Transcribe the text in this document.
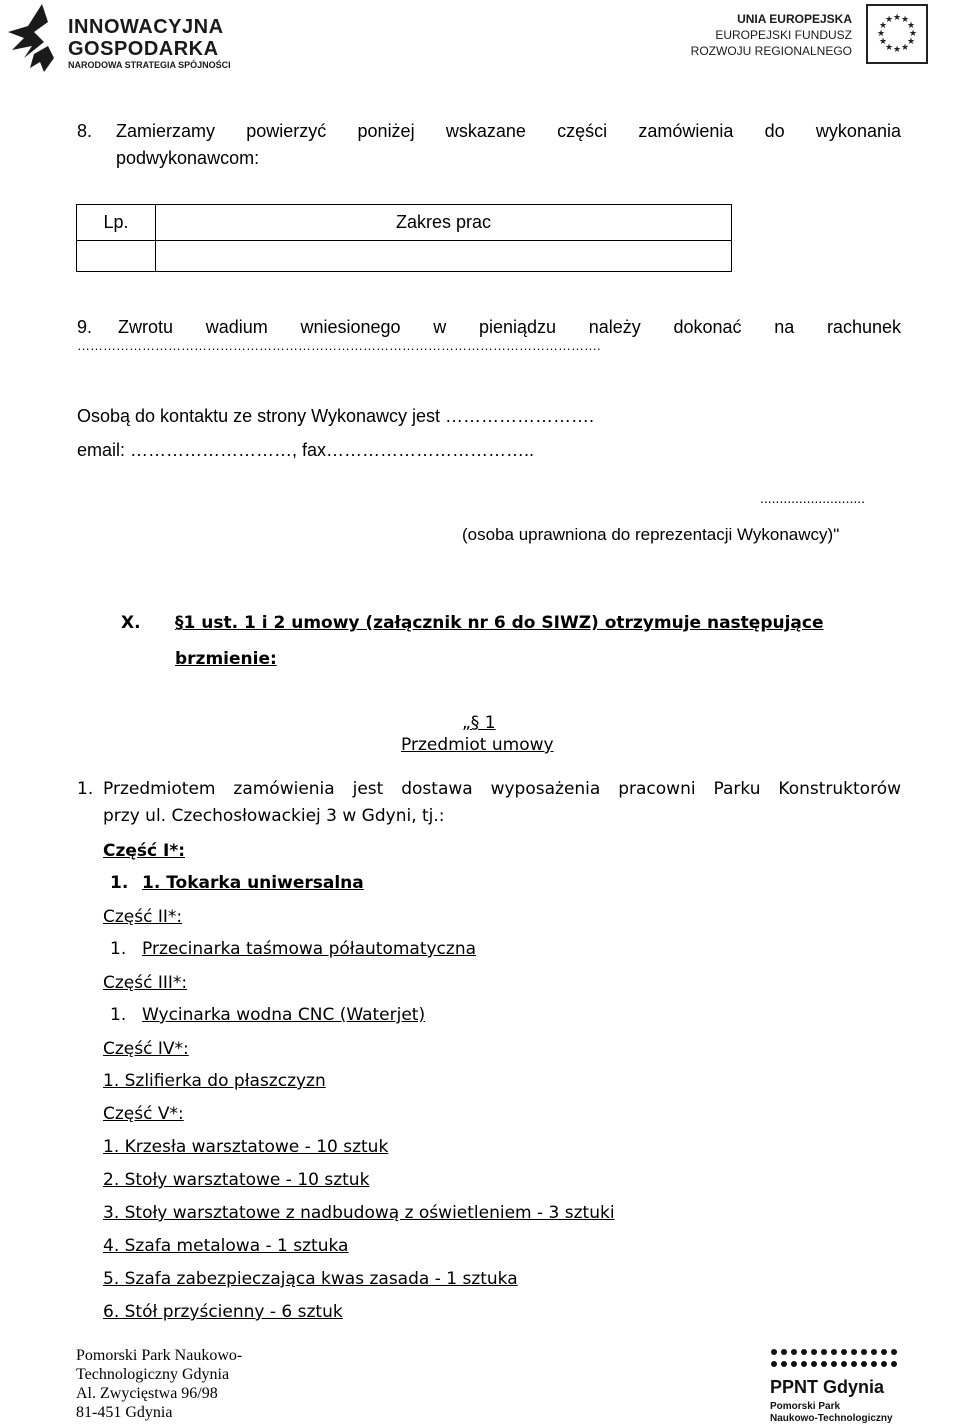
INNOWACYJNA
GOSPODARKA
NARODOWA STRATEGIA SPÓJNOŚCI
UNIA EUROPEJSKA
EUROPEJSKI FUNDUSZ
ROZWOJU REGIONALNEGO
★ ★
★
★
★
★
★
★
★
★
★
★
8. Zamierzamy powierzyć poniżej wskazane części zamówienia do wykonania
podwykonawcom:
Lp.	Zakres prac

9. Zwrotu wadium wniesionego w pieniądzu należy dokonać na rachunek
………………………………………………………………………………………………………….
Osobą do kontaktu ze strony Wykonawcy jest …………………….
email: ………………………, fax……………………………..
...........................
(osoba uprawniona do reprezentacji Wykonawcy)"
X. §1 ust. 1 i 2 umowy (załącznik nr 6 do SIWZ) otrzymuje następujące
brzmienie:
„§ 1
Przedmiot umowy
1. Przedmiotem zamówienia jest dostawa wyposażenia pracowni Parku Konstruktorów
przy ul. Czechosłowackiej 3 w Gdyni, tj.:
Część I*:
1. 1. Tokarka uniwersalna
Część II*:
1. Przecinarka taśmowa półautomatyczna
Część III*:
1. Wycinarka wodna CNC (Waterjet)
Część IV*:
1. Szlifierka do płaszczyzn
Część V*:
1. Krzesła warsztatowe - 10 sztuk
2. Stoły warsztatowe - 10 sztuk
3. Stoły warsztatowe z nadbudową z oświetleniem - 3 sztuki
4. Szafa metalowa - 1 sztuka
5. Szafa zabezpieczająca kwas zasada - 1 sztuka
6. Stół przyścienny - 6 sztuk
Pomorski Park Naukowo-
Technologiczny Gdynia
Al. Zwycięstwa 96/98
81-451 Gdynia
PPNT Gdynia
Pomorski Park
Naukowo-Technologiczny
